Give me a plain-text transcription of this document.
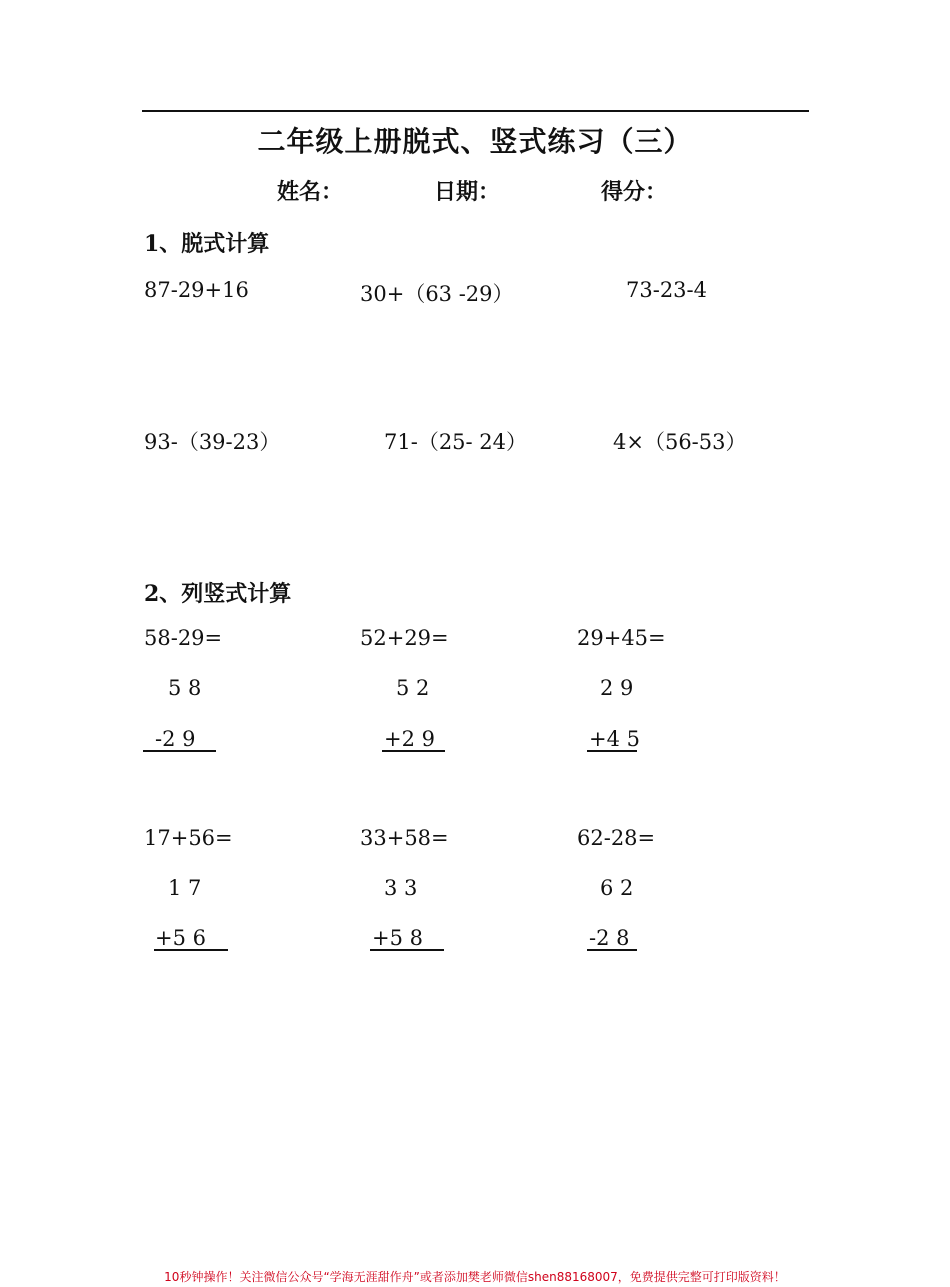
二年级上册脱式、竖式练习（三）
姓名：	日期：	得分：
1、脱式计算
87-29+16	30+（63 -29）	73-23-4
93-（39-23）	71-（25- 24）	4×（56-53）
2、列竖式计算
58-29=
5 8
-2 9
52+29=
5 2
+2 9
29+45=
2 9
+4 5
17+56=
1 7
+5 6
33+58=
3 3
+5 8
62-28=
6 2
-2 8
10秒钟操作！关注微信公众号“学海无涯甜作舟”或者添加樊老师微信shen88168007，免费提供完整可打印版资料！
